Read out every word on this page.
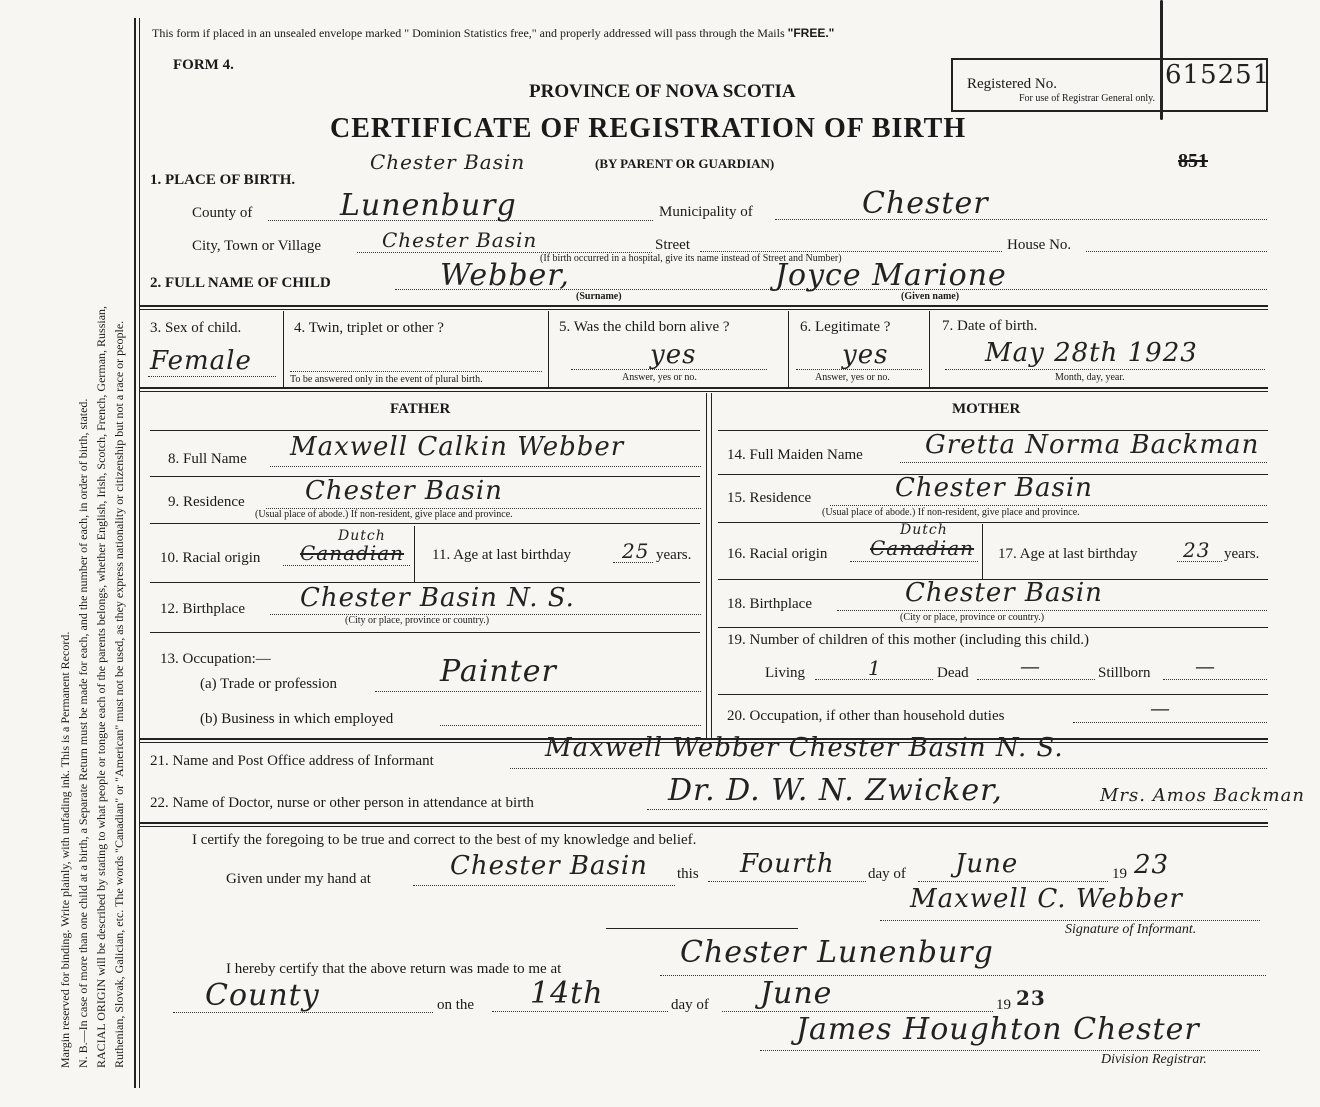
Margin reserved for binding. Write plainly, with unfading ink. This is a Permanent Record. N. B.—In case of more than one child at a birth, a Separate Return must be made for each, and the number of each, in order of birth, stated. RACIAL ORIGIN will be described by stating to what people or tongue each of the parents belongs, whether English, Irish, Scotch, French, German, Russian, Ruthenian, Slovak, Galician, etc. The words "Canadian" or "American" must not be used, as they express nationality or citizenship but not a race or people.
This form if placed in an unsealed envelope marked " Dominion Statistics free," and properly addressed will pass through the Mails "FREE."
FORM 4.
PROVINCE OF NOVA SCOTIA
CERTIFICATE OF REGISTRATION OF BIRTH
Registered No.	615251
For use of Registrar General only.
851
1. PLACE OF BIRTH.
Chester Basin	(BY PARENT OR GUARDIAN)
County of	Lunenburg	Municipality of	Chester
City, Town or Village	Chester Basin	Street	House No.
(If birth occurred in a hospital, give its name instead of Street and Number)
2. FULL NAME OF CHILD	Webber,
(Surname)
Joyce Marione
(Given name)
3. Sex of child.
Female
4. Twin, triplet or other ?
To be answered only in the event of plural birth.
5. Was the child born alive ?
yes
Answer, yes or no.
6. Legitimate ?
yes
Answer, yes or no.
7. Date of birth.
May 28th 1923
Month, day, year.
FATHER
8. Full Name Maxwell Calkin Webber
9. Residence Chester Basin
(Usual place of abode.) If non-resident, give place and province.
10. Racial origin
Dutch
Canadian 11. Age at last birthday	25 years.
12. Birthplace Chester Basin N. S.
(City or place, province or country.)
13. Occupation:—
(a) Trade or profession	Painter
(b) Business in which employed
MOTHER
14. Full Maiden Name Gretta Norma Backman
15. Residence	Chester Basin
(Usual place of abode.) If non-resident, give place and province.
16. Racial origin
Dutch
Canadian 17. Age at last birthday 23 years.
18. Birthplace	Chester Basin
(City or place, province or country.)
19. Number of children of this mother (including this child.)
Living	1	Dead	—	Stillborn —
20. Occupation, if other than household duties	—
21. Name and Post Office address of Informant	Maxwell Webber Chester Basin N. S.
22. Name of Doctor, nurse or other person in attendance at birth	Dr. D. W. N. Zwicker,	Mrs. Amos Backman
I certify the foregoing to be true and correct to the best of my knowledge and belief.
Given under my hand at	Chester Basin this Fourth day of June	19 23
Maxwell C. Webber
Signature of Informant.
I hereby certify that the above return was made to me at	Chester Lunenburg
County	on the 14th	day of June	19 23
James Houghton Chester
Division Registrar.
